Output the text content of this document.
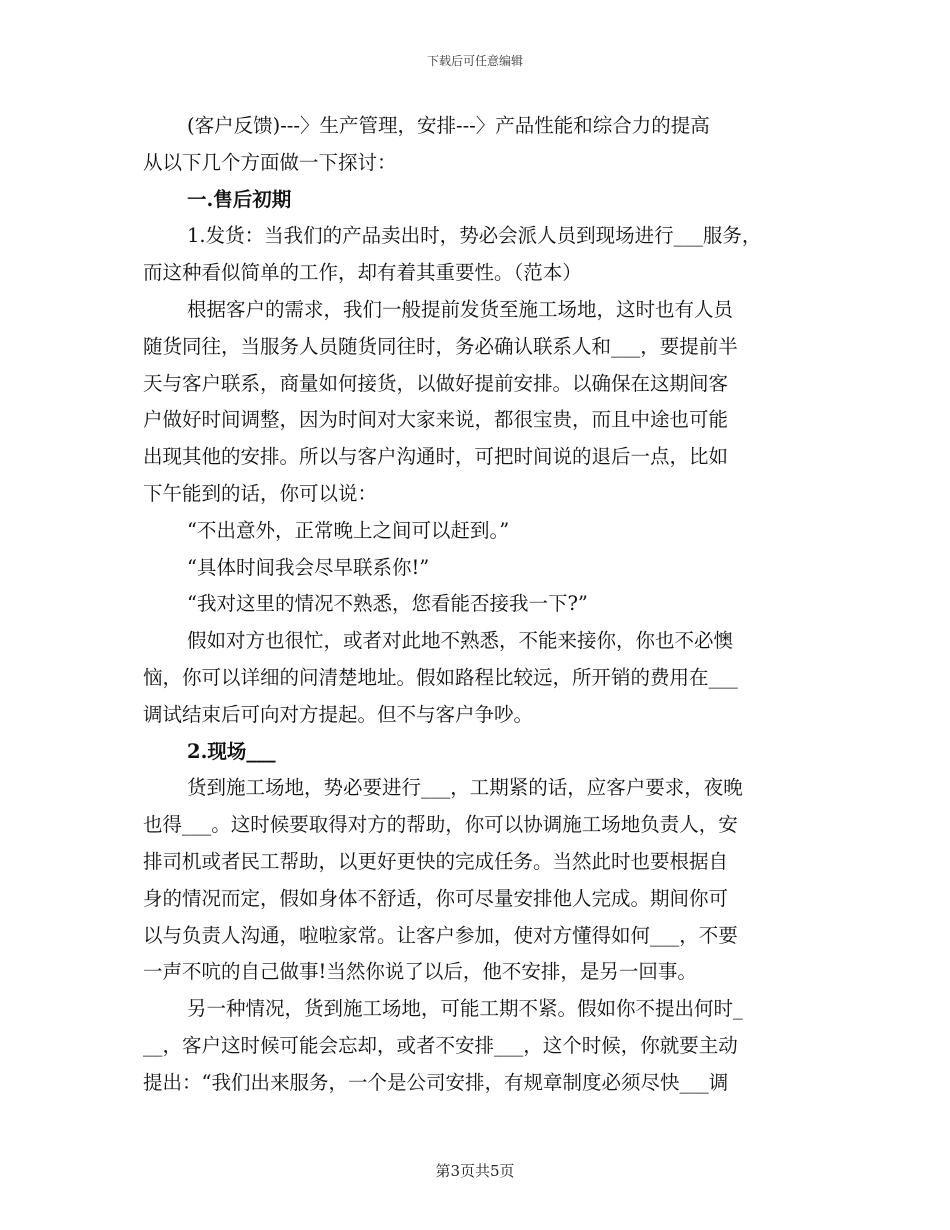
下载后可任意编辑
(客户反馈)---〉生产管理，安排---〉产品性能和综合力的提高
从以下几个方面做一下探讨：
一.售后初期
1.发货：当我们的产品卖出时，势必会派人员到现场进行___服务，
而这种看似简单的工作，却有着其重要性。（范本）
根据客户的需求，我们一般提前发货至施工场地，这时也有人员
随货同往，当服务人员随货同往时，务必确认联系人和___，要提前半
天与客户联系，商量如何接货，以做好提前安排。以确保在这期间客
户做好时间调整，因为时间对大家来说，都很宝贵，而且中途也可能
出现其他的安排。所以与客户沟通时，可把时间说的退后一点，比如
下午能到的话，你可以说：
“不出意外，正常晚上之间可以赶到。”
“具体时间我会尽早联系你!”
“我对这里的情况不熟悉，您看能否接我一下?”
假如对方也很忙，或者对此地不熟悉，不能来接你，你也不必懊
恼，你可以详细的问清楚地址。假如路程比较远，所开销的费用在___
调试结束后可向对方提起。但不与客户争吵。
2.现场___
货到施工场地，势必要进行___，工期紧的话，应客户要求，夜晚
也得___。这时候要取得对方的帮助，你可以协调施工场地负责人，安
排司机或者民工帮助，以更好更快的完成任务。当然此时也要根据自
身的情况而定，假如身体不舒适，你可尽量安排他人完成。期间你可
以与负责人沟通，啦啦家常。让客户参加，使对方懂得如何___，不要
一声不吭的自己做事!当然你说了以后，他不安排，是另一回事。
另一种情况，货到施工场地，可能工期不紧。假如你不提出何时_
__，客户这时候可能会忘却，或者不安排___，这个时候，你就要主动
提出：“我们出来服务，一个是公司安排，有规章制度必须尽快___调
第3页共5页
